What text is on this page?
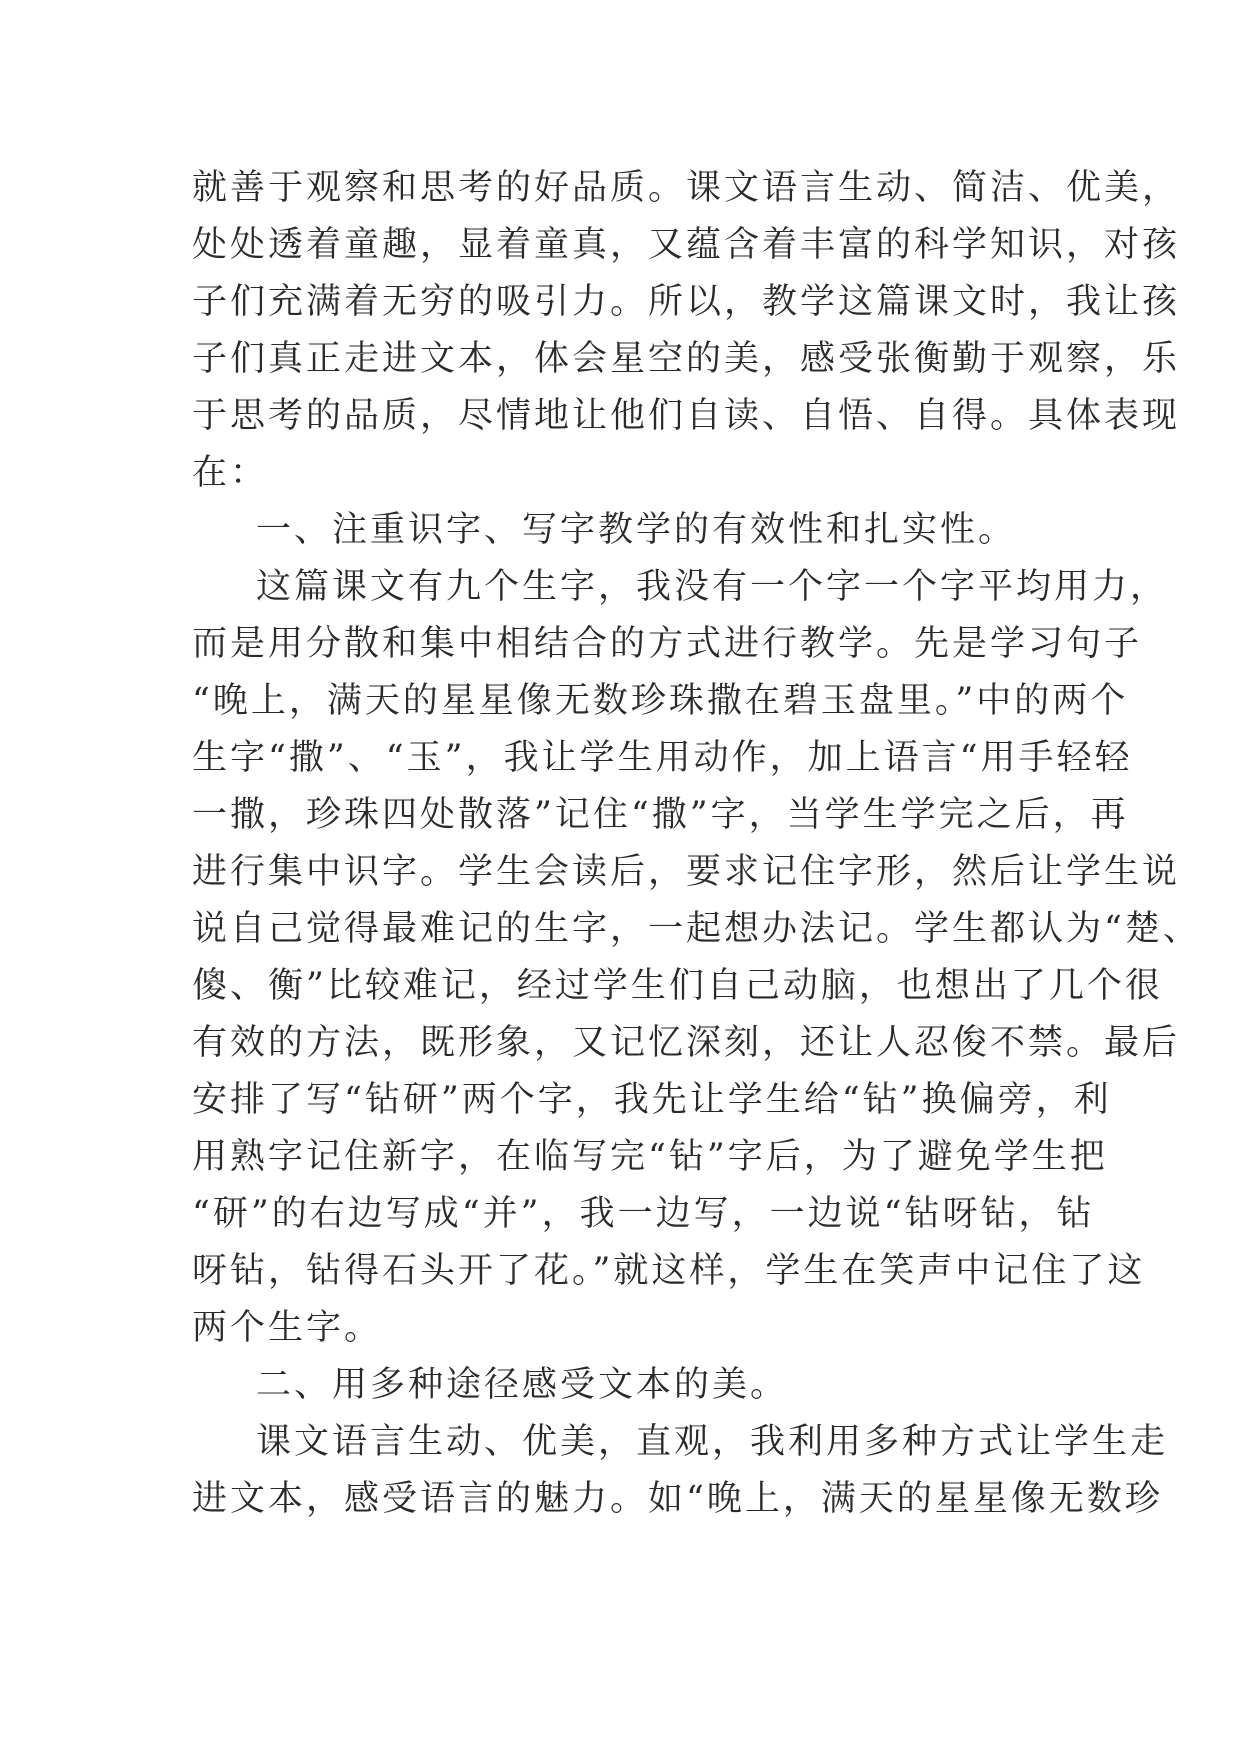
就善于观察和思考的好品质。课文语言生动、简洁、优美，
处处透着童趣，显着童真，又蕴含着丰富的科学知识，对孩
子们充满着无穷的吸引力。所以，教学这篇课文时，我让孩
子们真正走进文本，体会星空的美，感受张衡勤于观察，乐
于思考的品质，尽情地让他们自读、自悟、自得。具体表现
在：
一、注重识字、写字教学的有效性和扎实性。
这篇课文有九个生字，我没有一个字一个字平均用力，
而是用分散和集中相结合的方式进行教学。先是学习句子
“晚上，满天的星星像无数珍珠撒在碧玉盘里。”中的两个
生字“撒”、“玉”，我让学生用动作，加上语言“用手轻轻
一撒，珍珠四处散落”记住“撒”字，当学生学完之后，再
进行集中识字。学生会读后，要求记住字形，然后让学生说
说自己觉得最难记的生字，一起想办法记。学生都认为“楚、
傻、衡”比较难记，经过学生们自己动脑，也想出了几个很
有效的方法，既形象，又记忆深刻，还让人忍俊不禁。最后
安排了写“钻研”两个字，我先让学生给“钻”换偏旁，利
用熟字记住新字，在临写完“钻”字后，为了避免学生把
“研”的右边写成“并”，我一边写，一边说“钻呀钻，钻
呀钻，钻得石头开了花。”就这样，学生在笑声中记住了这
两个生字。
二、用多种途径感受文本的美。
课文语言生动、优美，直观，我利用多种方式让学生走
进文本，感受语言的魅力。如“晚上，满天的星星像无数珍
